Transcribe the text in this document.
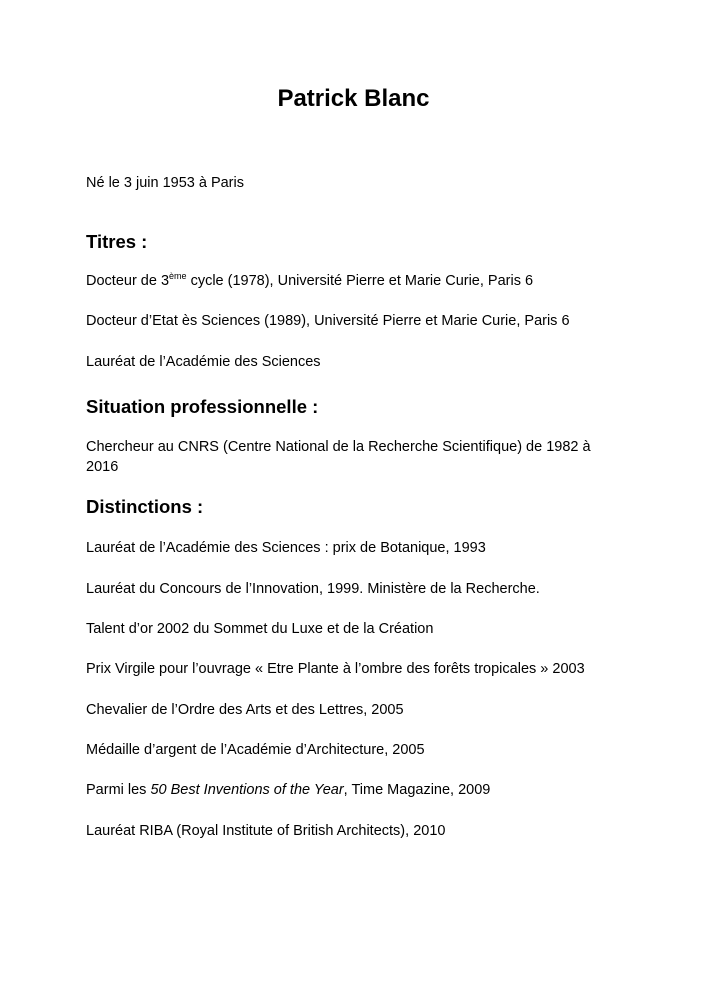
Patrick Blanc
Né le 3 juin 1953 à Paris
Titres :
Docteur de 3ème cycle (1978), Université Pierre et Marie Curie, Paris 6
Docteur d’Etat ès Sciences (1989), Université Pierre et Marie Curie, Paris 6
Lauréat de l’Académie des Sciences
Situation professionnelle :
Chercheur au CNRS (Centre National de la Recherche Scientifique) de 1982 à
2016
Distinctions :
Lauréat de l’Académie des Sciences : prix de Botanique, 1993
Lauréat du Concours de l’Innovation, 1999. Ministère de la Recherche.
Talent d’or 2002 du Sommet du Luxe et de la Création
Prix Virgile pour l’ouvrage « Etre Plante à l’ombre des forêts tropicales » 2003
Chevalier de l’Ordre des Arts et des Lettres, 2005
Médaille d’argent de l’Académie d’Architecture, 2005
Parmi les 50 Best Inventions of the Year, Time Magazine, 2009
Lauréat RIBA (Royal Institute of British Architects), 2010
